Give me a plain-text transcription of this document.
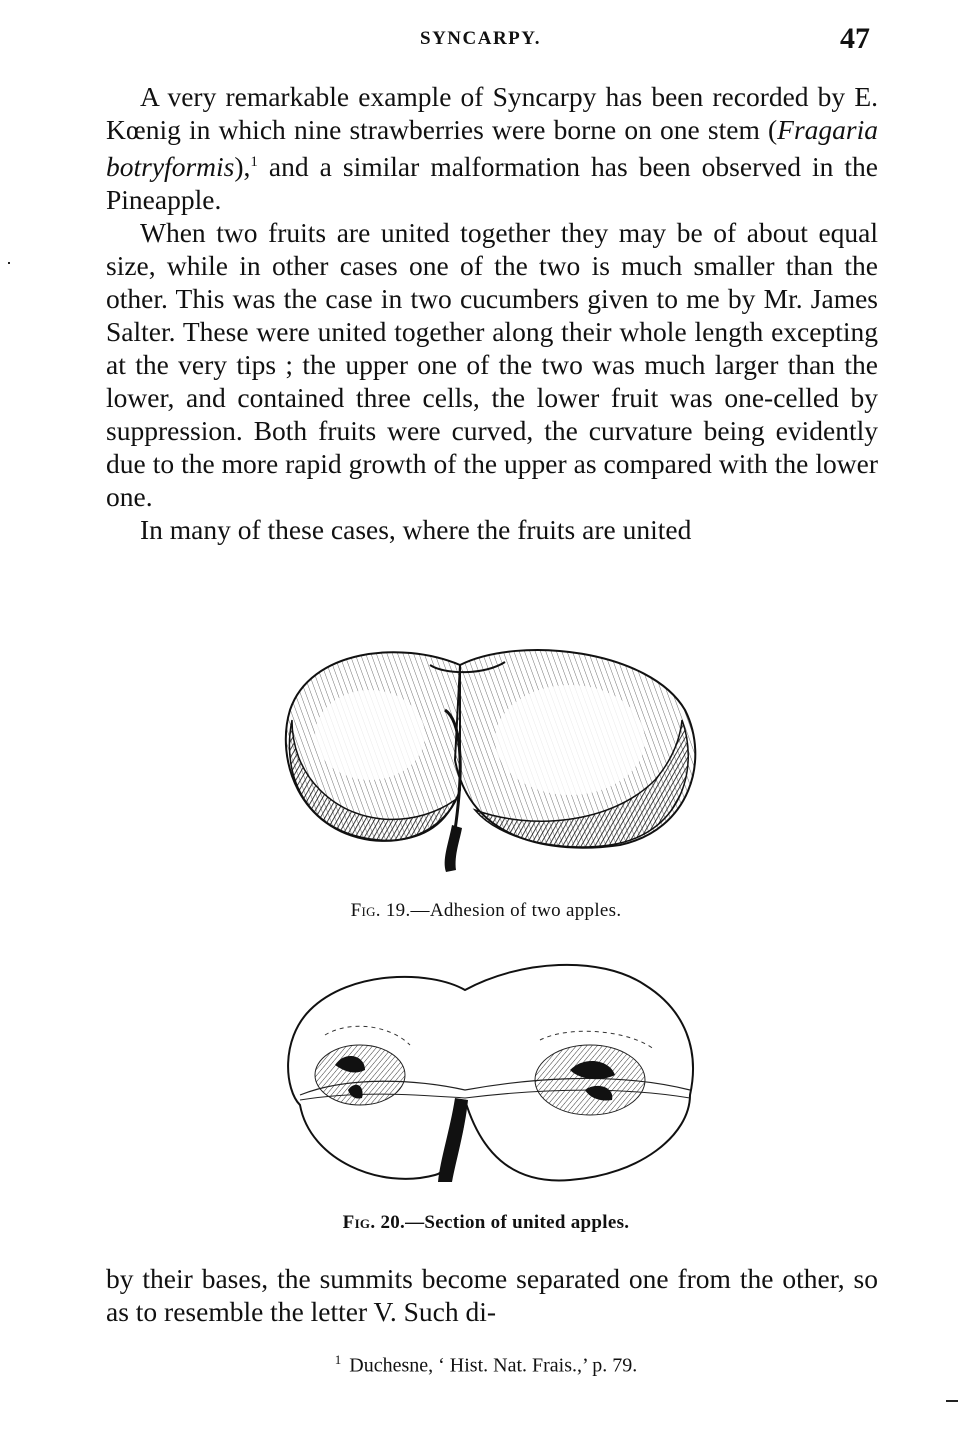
SYNCARPY.	47

A very remarkable example of Syncarpy has been recorded by E. Kœnig in which nine strawberries were borne on one stem (Fragaria botryformis),$^1$ and a similar malformation has been observed in the Pineapple.

When two fruits are united together they may be of about equal size, while in other cases one of the two is much smaller than the other. This was the case in two cucumbers given to me by Mr. James Salter. These were united together along their whole length excepting at the very tips ; the upper one of the two was much larger than the lower, and contained three cells, the lower fruit was one-celled by suppression. Both fruits were curved, the curvature being evidently due to the more rapid growth of the upper as compared with the lower one.

In many of these cases, where the fruits are united

Fig. 19.—Adhesion of two apples.
Fig. 20.—Section of united apples.

by their bases, the summits become separated one from the other, so as to resemble the letter V. Such di-

$^1$ Duchesne, ‘ Hist. Nat. Frais.,’ p. 79.
